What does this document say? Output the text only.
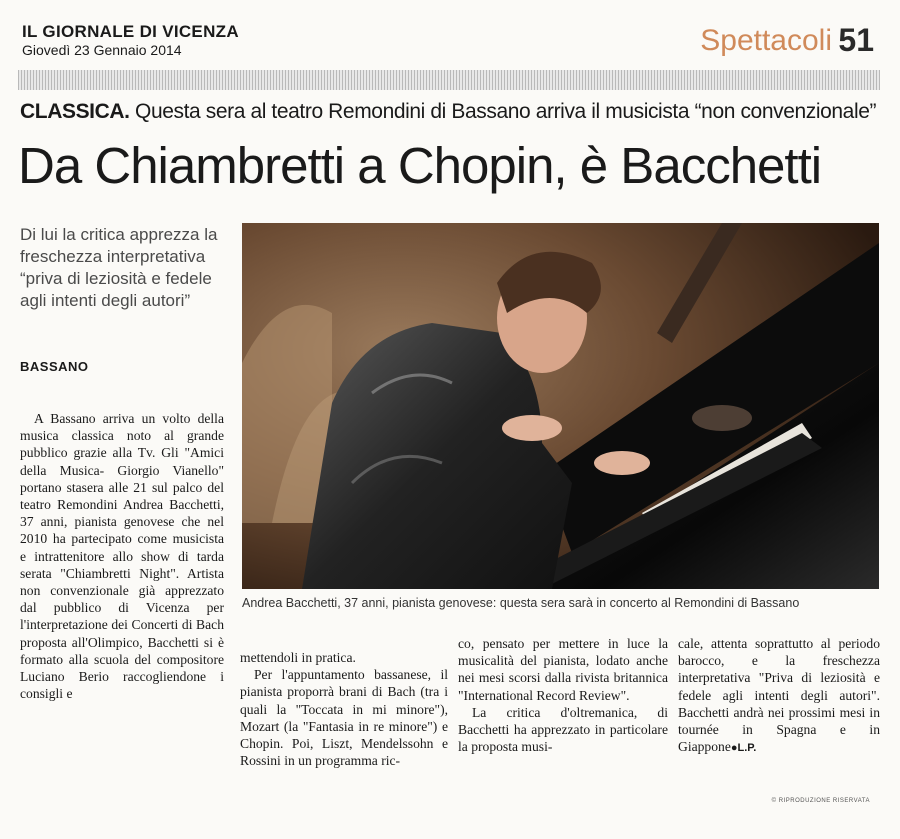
IL GIORNALE DI VICENZA
Giovedì 23 Gennaio 2014	Spettacoli 51
CLASSICA. Questa sera al teatro Remondini di Bassano arriva il musicista “non convenzionale”
Da Chiambretti a Chopin, è Bacchetti
Di lui la critica apprezza la freschezza interpretativa “priva di leziosità e fedele agli intenti degli autori”
BASSANO
Andrea Bacchetti, 37 anni, pianista genovese: questa sera sarà in concerto al Remondini di Bassano

A Bassano arriva un volto della musica classica noto al grande pubblico grazie alla Tv. Gli "Amici della Musica- Giorgio Vianello" portano stasera alle 21 sul palco del teatro Remondini Andrea Bacchetti, 37 anni, pianista genovese che nel 2010 ha partecipato come musicista e intrattenitore allo show di tarda serata "Chiambretti Night". Artista non convenzionale già apprezzato dal pubblico di Vicenza per l'interpretazione dei Concerti di Bach proposta all'Olimpico, Bacchetti si è formato alla scuola del compositore Luciano Berio raccogliendone i consigli e

mettendoli in pratica.

Per l'appuntamento bassanese, il pianista proporrà brani di Bach (tra i quali la "Toccata in mi minore"), Mozart (la "Fantasia in re minore") e Chopin. Poi, Liszt, Mendelssohn e Rossini in un programma ric-

co, pensato per mettere in luce la musicalità del pianista, lodato anche nei mesi scorsi dalla rivista britannica "International Record Review".

La critica d'oltremanica, di Bacchetti ha apprezzato in particolare la proposta musi-

cale, attenta soprattutto al periodo barocco, e la freschezza interpretativa "Priva di leziosità e fedele agli intenti degli autori". Bacchetti andrà nei prossimi mesi in tournée in Spagna e in Giappone●L.P.

© RIPRODUZIONE RISERVATA
